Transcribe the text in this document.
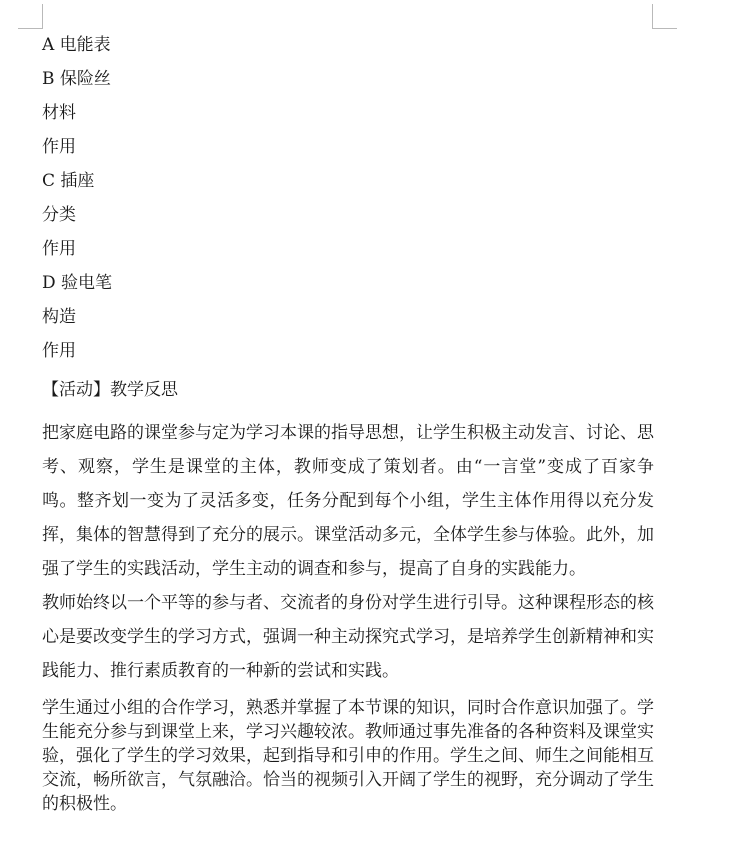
A 电能表
B 保险丝
材料
作用
C 插座
分类
作用
D 验电笔
构造
作用
【活动】教学反思

把家庭电路的课堂参与定为学习本课的指导思想，让学生积极主动发言、讨论、思考、观察，学生是课堂的主体，教师变成了策划者。由“一言堂”变成了百家争鸣。整齐划一变为了灵活多变，任务分配到每个小组，学生主体作用得以充分发挥，集体的智慧得到了充分的展示。课堂活动多元，全体学生参与体验。此外，加强了学生的实践活动，学生主动的调查和参与，提高了自身的实践能力。

教师始终以一个平等的参与者、交流者的身份对学生进行引导。这种课程形态的核心是要改变学生的学习方式，强调一种主动探究式学习，是培养学生创新精神和实践能力、推行素质教育的一种新的尝试和实践。

学生通过小组的合作学习，熟悉并掌握了本节课的知识，同时合作意识加强了。学生能充分参与到课堂上来，学习兴趣较浓。教师通过事先准备的各种资料及课堂实验，强化了学生的学习效果，起到指导和引申的作用。学生之间、师生之间能相互交流，畅所欲言，气氛融洽。恰当的视频引入开阔了学生的视野，充分调动了学生的积极性。
